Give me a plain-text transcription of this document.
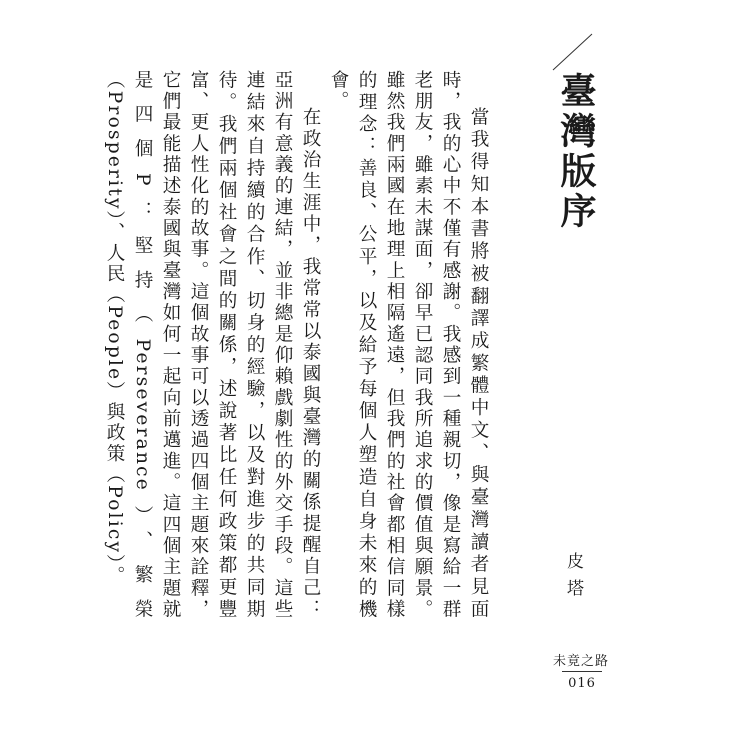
臺灣版序

當我得知本書將被翻譯成繁體中文、與臺灣讀者見面時，我的心中不僅有感謝。我感到一種親切，像是寫給一群老朋友，雖素未謀面，卻早已認同我所追求的價值與願景。雖然我們兩國在地理上相隔遙遠，但我們的社會都相信同樣的理念：善良、公平，以及給予每個人塑造自身未來的機會。

在政治生涯中，我常常以泰國與臺灣的關係提醒自己：亞洲有意義的連結，並非總是仰賴戲劇性的外交手段。這些連結來自持續的合作、切身的經驗，以及對進步的共同期待。我們兩個社會之間的關係，述說著比任何政策都更豐富、更人性化的故事。這個故事可以透過四個主題來詮釋，它們最能描述泰國與臺灣如何一起向前邁進。這四個主題就是四個P：堅持（Perseverance）、繁榮（Prosperity）、人民（People）與政策（Policy）。	皮塔
未竟之路
016
